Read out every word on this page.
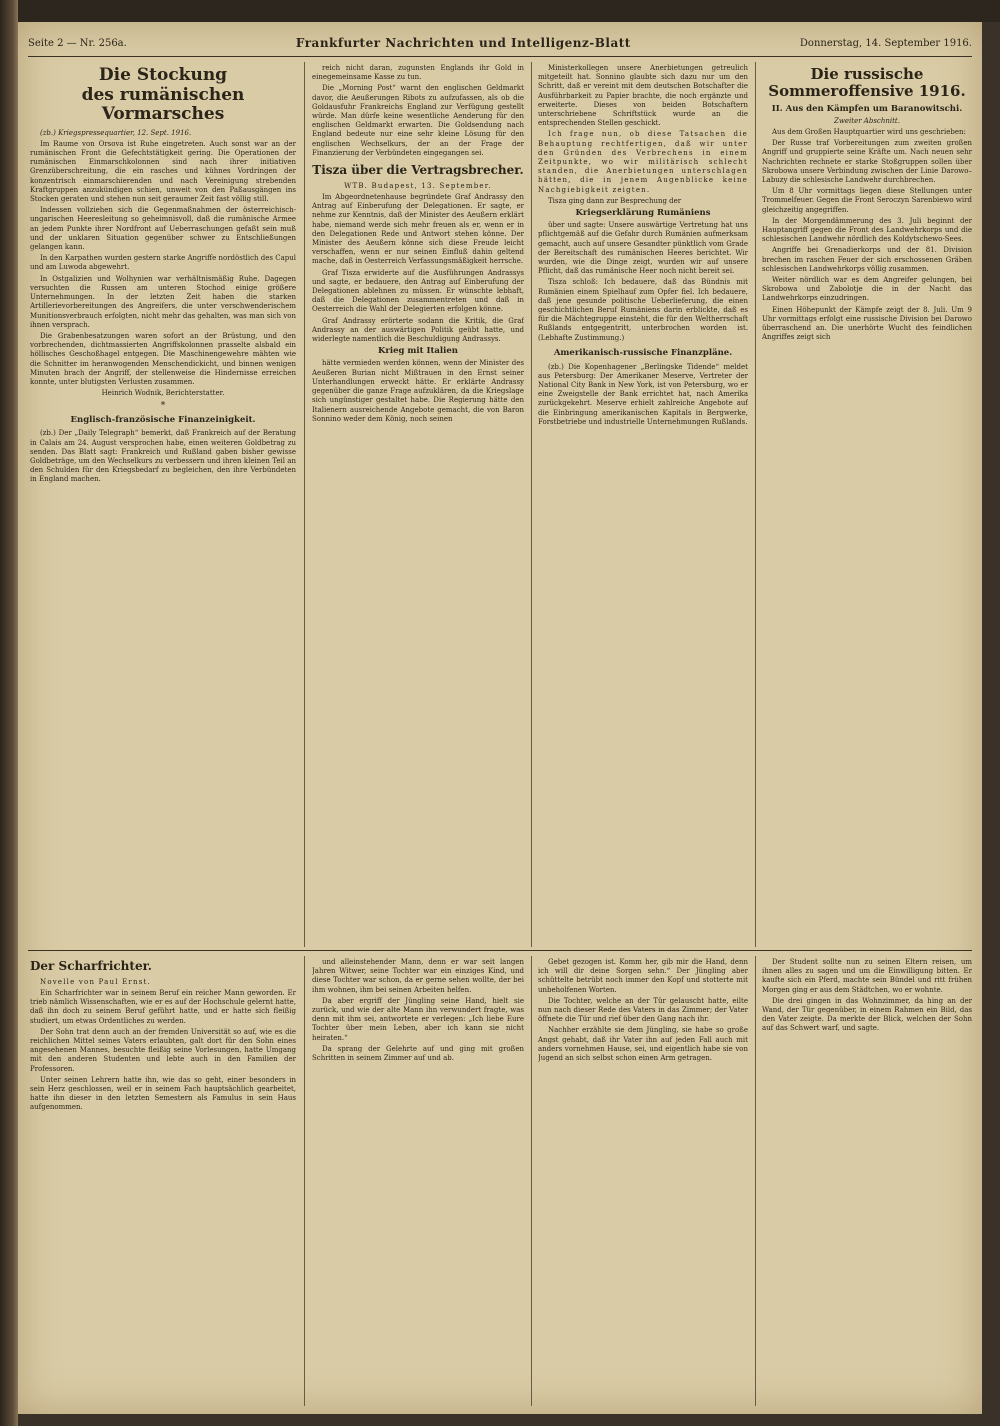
Seite 2 — Nr. 256a.	Frankfurter Nachrichten und Intelligenz-Blatt	Donnerstag, 14. September 1916.
Die Stockung
des rumänischen Vormarsches

(zb.) Kriegspressequartier, 12. Sept. 1916.

Im Raume von Orsova ist Ruhe eingetreten. Auch sonst war an der rumänischen Front die Gefechtstätigkeit gering. Die Operationen der rumänischen Einmarschkolonnen sind nach ihrer initiativen Grenzüberschreitung, die ein rasches und kühnes Vordringen der konzentrisch einmarschierenden und nach Vereinigung strebenden Kraftgruppen anzukündigen schien, unweit von den Paßausgängen ins Stocken geraten und stehen nun seit geraumer Zeit fast völlig still.

Indessen vollziehen sich die Gegenmaßnahmen der österreichisch-ungarischen Heeresleitung so geheimnisvoll, daß die rumänische Armee an jedem Punkte ihrer Nordfront auf Ueberraschungen gefaßt sein muß und der unklaren Situation gegenüber schwer zu Entschließungen gelangen kann.

In den Karpathen wurden gestern starke Angriffe nordöstlich des Capul und am Luwoda abgewehrt.

In Ostgalizien und Wolhynien war verhältnismäßig Ruhe. Dagegen versuchten die Russen am unteren Stochod einige größere Unternehmungen. In der letzten Zeit haben die starken Artillerievorbereitungen des Angreifers, die unter verschwenderischem Munitionsverbrauch erfolgten, nicht mehr das gehalten, was man sich von ihnen versprach.

Die Grabenbesatzungen waren sofort an der Brüstung, und den vorbrechenden, dichtmassierten Angriffskolonnen prasselte alsbald ein höllisches Geschoßhagel entgegen. Die Maschinengewehre mähten wie die Schnitter im heranwogenden Menschendickicht, und binnen wenigen Minuten brach der Angriff, der stellenweise die Hindernisse erreichen konnte, unter blutigsten Verlusten zusammen.

Heinrich Wodnik, Berichterstatter.

*
Englisch-französische Finanzeinigkeit.

(zb.) Der „Daily Telegraph“ bemerkt, daß Frankreich auf der Beratung in Calais am 24. August versprochen habe, einen weiteren Goldbetrag zu senden. Das Blatt sagt: Frankreich und Rußland gaben bisher gewisse Goldbeträge, um den Wechselkurs zu verbessern und ihren kleinen Teil an den Schulden für den Kriegsbedarf zu begleichen, den ihre Verbündeten in England machen.

reich nicht daran, zugunsten Englands ihr Gold in einegemeinsame Kasse zu tun.

Die „Morning Post“ warnt den englischen Geldmarkt davor, die Aeußerungen Ribots zu aufzufassen, als ob die Goldausfuhr Frankreichs England zur Verfügung gestellt würde. Man dürfe keine wesentliche Aenderung für den englischen Geldmarkt erwarten. Die Goldsendung nach England bedeute nur eine sehr kleine Lösung für den englischen Wechselkurs, der an der Frage der Finanzierung der Verbündeten eingegangen sei.

Tisza über die Vertragsbrecher.

WTB. Budapest, 13. September.

Im Abgeordnetenhause begründete Graf Andrassy den Antrag auf Einberufung der Delegationen. Er sagte, er nehme zur Kenntnis, daß der Minister des Aeußern erklärt habe, niemand werde sich mehr freuen als er, wenn er in den Delegationen Rede und Antwort stehen könne. Der Minister des Aeußern könne sich diese Freude leicht verschaffen, wenn er nur seinen Einfluß dahin geltend mache, daß in Oesterreich Verfassungsmäßigkeit herrsche.

Graf Tisza erwiderte auf die Ausführungen Andrassys und sagte, er bedauere, den Antrag auf Einberufung der Delegationen ablehnen zu müssen. Er wünschte lebhaft, daß die Delegationen zusammentreten und daß in Oesterreich die Wahl der Delegierten erfolgen könne.

Graf Andrassy erörterte sodann die Kritik, die Graf Andrassy an der auswärtigen Politik geübt hatte, und widerlegte namentlich die Beschuldigung Andrassys.

Krieg mit Italien

hätte vermieden werden können, wenn der Minister des Aeußeren Burian nicht Mißtrauen in den Ernst seiner Unterhandlungen erweckt hätte. Er erklärte Andrassy gegenüber die ganze Frage aufzuklären, da die Kriegslage sich ungünstiger gestaltet habe. Die Regierung hätte den Italienern ausreichende Angebote gemacht, die von Baron Sonnino weder dem König, noch seinen

Ministerkollegen unsere Anerbietungen getreulich mitgeteilt hat. Sonnino glaubte sich dazu nur um den Schritt, daß er vereint mit dem deutschen Botschafter die Ausführbarkeit zu Papier brachte, die noch ergänzte und erweiterte. Dieses von beiden Botschaftern unterschriebene Schriftstück wurde an die entsprechenden Stellen geschickt.

Ich frage nun, ob diese Tatsachen die Behauptung rechtfertigen, daß wir unter den Gründen des Verbrechens in einem Zeitpunkte, wo wir militärisch schlecht standen, die Anerbietungen unterschlagen hätten, die in jenem Augenblicke keine Nachgiebigkeit zeigten.

Tisza ging dann zur Besprechung der

Kriegserklärung Rumäniens

über und sagte: Unsere auswärtige Vertretung hat uns pflichtgemäß auf die Gefahr durch Rumänien aufmerksam gemacht, auch auf unsere Gesandter pünktlich vom Grade der Bereitschaft des rumänischen Heeres berichtet. Wir wurden, wie die Dinge zeigt, wurden wir auf unsere Pflicht, daß das rumänische Heer noch nicht bereit sei.

Tisza schloß: Ich bedauere, daß das Bündnis mit Rumänien einem Spielhauf zum Opfer fiel. Ich bedauere, daß jene gesunde politische Ueberlieferung, die einen geschichtlichen Beruf Rumäniens darin erblickte, daß es für die Mächtegruppe einsteht, die für den Weltherrschaft Rußlands entgegentritt, unterbrochen worden ist. (Lebhafte Zustimmung.)

Amerikanisch-russische Finanzpläne.

(zb.) Die Kopenhagener „Berlingske Tidende“ meldet aus Petersburg: Der Amerikaner Meserve, Vertreter der National City Bank in New York, ist von Petersburg, wo er eine Zweigstelle der Bank errichtet hat, nach Amerika zurückgekehrt. Meserve erhielt zahlreiche Angebote auf die Einbringung amerikanischen Kapitals in Bergwerke, Forstbetriebe und industrielle Unternehmungen Rußlands.

Die russische
Sommeroffensive 1916.
II. Aus den Kämpfen um Baranowitschi.

Zweiter Abschnitt.

Aus dem Großen Hauptquartier wird uns geschrieben:

Der Russe traf Vorbereitungen zum zweiten großen Angriff und gruppierte seine Kräfte um. Nach neuen sehr Nachrichten rechnete er starke Stoßgruppen sollen über Skrobowa unsere Verbindung zwischen der Linie Darowo–Labuzy die schlesische Landwehr durchbrechen.

Um 8 Uhr vormittags liegen diese Stellungen unter Trommelfeuer. Gegen die Front Seroczyn Sarenbiewo wird gleichzeitig angegriffen.

In der Morgendämmerung des 3. Juli beginnt der Hauptangriff gegen die Front des Landwehrkorps und die schlesischen Landwehr nördlich des Koldytschewo-Sees.

Angriffe bei Grenadierkorps und der 81. Division brechen im raschen Feuer der sich erschossenen Gräben schlesischen Landwehrkorps völlig zusammen.

Weiter nördlich war es dem Angreifer gelungen, bei Skrobowa und Zabolotje die in der Nacht das Landwehrkorps einzudringen.

Einen Höhepunkt der Kämpfe zeigt der 8. Juli. Um 9 Uhr vormittags erfolgt eine russische Division bei Darowo überraschend an. Die unerhörte Wucht des feindlichen Angriffes zeigt sich

Der Scharfrichter.

Novelle von Paul Ernst.

Ein Scharfrichter war in seinem Beruf ein reicher Mann geworden. Er trieb nämlich Wissenschaften, wie er es auf der Hochschule gelernt hatte, daß ihn doch zu seinem Beruf geführt hatte, und er hatte sich fleißig studiert, um etwas Ordentliches zu werden.

Der Sohn trat denn auch an der fremden Universität so auf, wie es die reichlichen Mittel seines Vaters erlaubten, galt dort für den Sohn eines angesehenen Mannes, besuchte fleißig seine Vorlesungen, hatte Umgang mit den anderen Studenten und lebte auch in den Familien der Professoren.

Unter seinen Lehrern hatte ihn, wie das so geht, einer besonders in sein Herz geschlossen, weil er in seinem Fach hauptsächlich gearbeitet, hatte ihn dieser in den letzten Semestern als Famulus in sein Haus aufgenommen.

und alleinstehender Mann, denn er war seit langen Jahren Witwer, seine Tochter war ein einziges Kind, und diese Tochter war schon, da er gerne sehen wollte, der bei ihm wohnen, ihm bei seinen Arbeiten helfen.

Da aber ergriff der Jüngling seine Hand, hielt sie zurück, und wie der alte Mann ihn verwundert fragte, was denn mit ihm sei, antwortete er verlegen: „Ich liebe Eure Tochter über mein Leben, aber ich kann sie nicht heiraten.“

Da sprang der Gelehrte auf und ging mit großen Schritten in seinem Zimmer auf und ab.

Gebet gezogen ist. Komm her, gib mir die Hand, denn ich will dir deine Sorgen sehn.“ Der Jüngling aber schüttelte betrübt noch immer den Kopf und stotterte mit unbeholfenen Worten.

Die Tochter, welche an der Tür gelauscht hatte, eilte nun nach dieser Rede des Vaters in das Zimmer; der Vater öffnete die Tür und rief über den Gang nach ihr.

Nachher erzählte sie dem Jüngling, sie habe so große Angst gehabt, daß ihr Vater ihn auf jeden Fall auch mit anders vornehmen Hause, sei, und eigentlich habe sie von Jugend an sich selbst schon einen Arm getragen.

Der Student sollte nun zu seinen Eltern reisen, um ihnen alles zu sagen und um die Einwilligung bitten. Er kaufte sich ein Pferd, machte sein Bündel und ritt frühen Morgen ging er aus dem Städtchen, wo er wohnte.

Die drei gingen in das Wohnzimmer, da hing an der Wand, der Tür gegenüber, in einem Rahmen ein Bild, das den Vater zeigte. Da merkte der Blick, welchen der Sohn auf das Schwert warf, und sagte.
